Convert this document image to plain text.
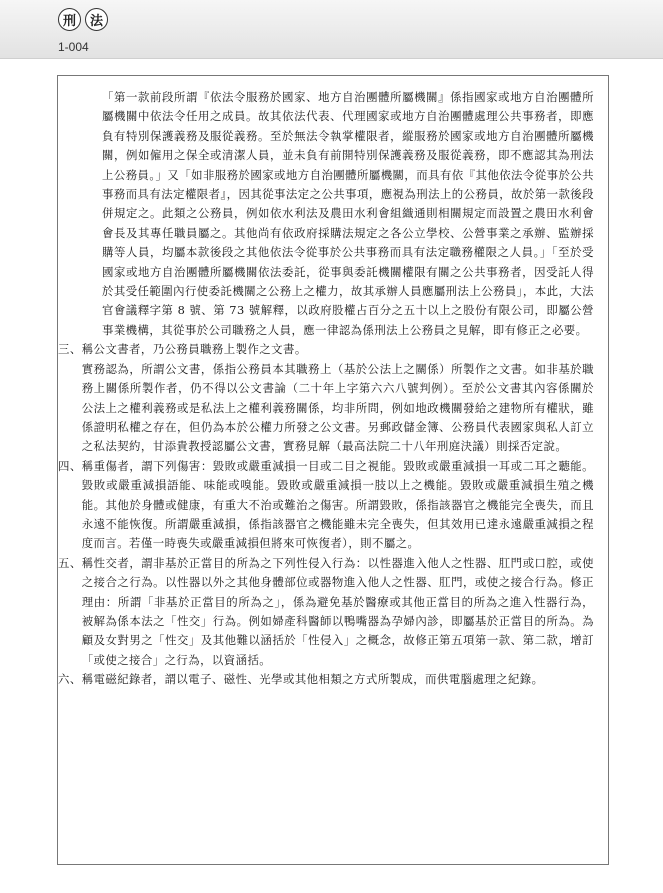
刑	法
1-004

「第一款前段所謂『依法令服務於國家、地方自治團體所屬機關』係指國家或地方自治團體所屬機關中依法令任用之成員。故其依法代表、代理國家或地方自治團體處理公共事務者，即應負有特別保護義務及服從義務。至於無法令執掌權限者，縱服務於國家或地方自治團體所屬機關，例如僱用之保全或清潔人員，並未負有前開特別保護義務及服從義務，即不應認其為刑法上公務員。」又「如非服務於國家或地方自治團體所屬機關，而具有依『其他依法令從事於公共事務而具有法定權限者』，因其從事法定之公共事項，應視為刑法上的公務員，故於第一款後段併規定之。此類之公務員，例如依水利法及農田水利會組織通則相關規定而設置之農田水利會會長及其專任職員屬之。其他尚有依政府採購法規定之各公立學校、公營事業之承辦、監辦採購等人員，均屬本款後段之其他依法令從事於公共事務而具有法定職務權限之人員。」「至於受國家或地方自治團體所屬機關依法委託，從事與委託機關權限有關之公共事務者，因受託人得於其受任範圍內行使委託機關之公務上之權力，故其承辦人員應屬刑法上公務員」，本此，大法官會議釋字第 8 號、第 73 號解釋，以政府股權占百分之五十以上之股份有限公司，即屬公營事業機構，其從事於公司職務之人員，應一律認為係刑法上公務員之見解，即有修正之必要。

三、 稱公文書者，乃公務員職務上製作之文書。

實務認為，所謂公文書，係指公務員本其職務上（基於公法上之關係）所製作之文書。如非基於職務上關係所製作者，仍不得以公文書論（二十年上字第六六八號判例）。至於公文書其內容係關於公法上之權利義務或是私法上之權利義務關係，均非所問，例如地政機關發給之建物所有權狀，雖係證明私權之存在，但仍為本於公權力所發之公文書。另郵政儲金簿、公務員代表國家與私人訂立之私法契約，甘添貴教授認屬公文書，實務見解（最高法院二十八年刑庭決議）則採否定說。

四、 稱重傷者，謂下列傷害：毀敗或嚴重減損一目或二目之視能。毀敗或嚴重減損一耳或二耳之聽能。毀敗或嚴重減損語能、味能或嗅能。毀敗或嚴重減損一肢以上之機能。毀敗或嚴重減損生殖之機能。其他於身體或健康，有重大不治或難治之傷害。所謂毀敗，係指該器官之機能完全喪失，而且永遠不能恢復。所謂嚴重減損，係指該器官之機能雖未完全喪失，但其效用已達永遠嚴重減損之程度而言。若僅一時喪失或嚴重減損但將來可恢復者），則不屬之。

五、 稱性交者，謂非基於正當目的所為之下列性侵入行為：以性器進入他人之性器、肛門或口腔，或使之接合之行為。以性器以外之其他身體部位或器物進入他人之性器、肛門，或使之接合行為。修正理由：所謂「非基於正當目的所為之」，係為避免基於醫療或其他正當目的所為之進入性器行為，被解為係本法之「性交」行為。例如婦產科醫師以鴨嘴器為孕婦內診，即屬基於正當目的所為。為顧及女對男之「性交」及其他難以涵括於「性侵入」之概念，故修正第五項第一款、第二款，增訂「或使之接合」之行為，以資涵括。

六、 稱電磁紀錄者，謂以電子、磁性、光學或其他相類之方式所製成，而供電腦處理之紀錄。
